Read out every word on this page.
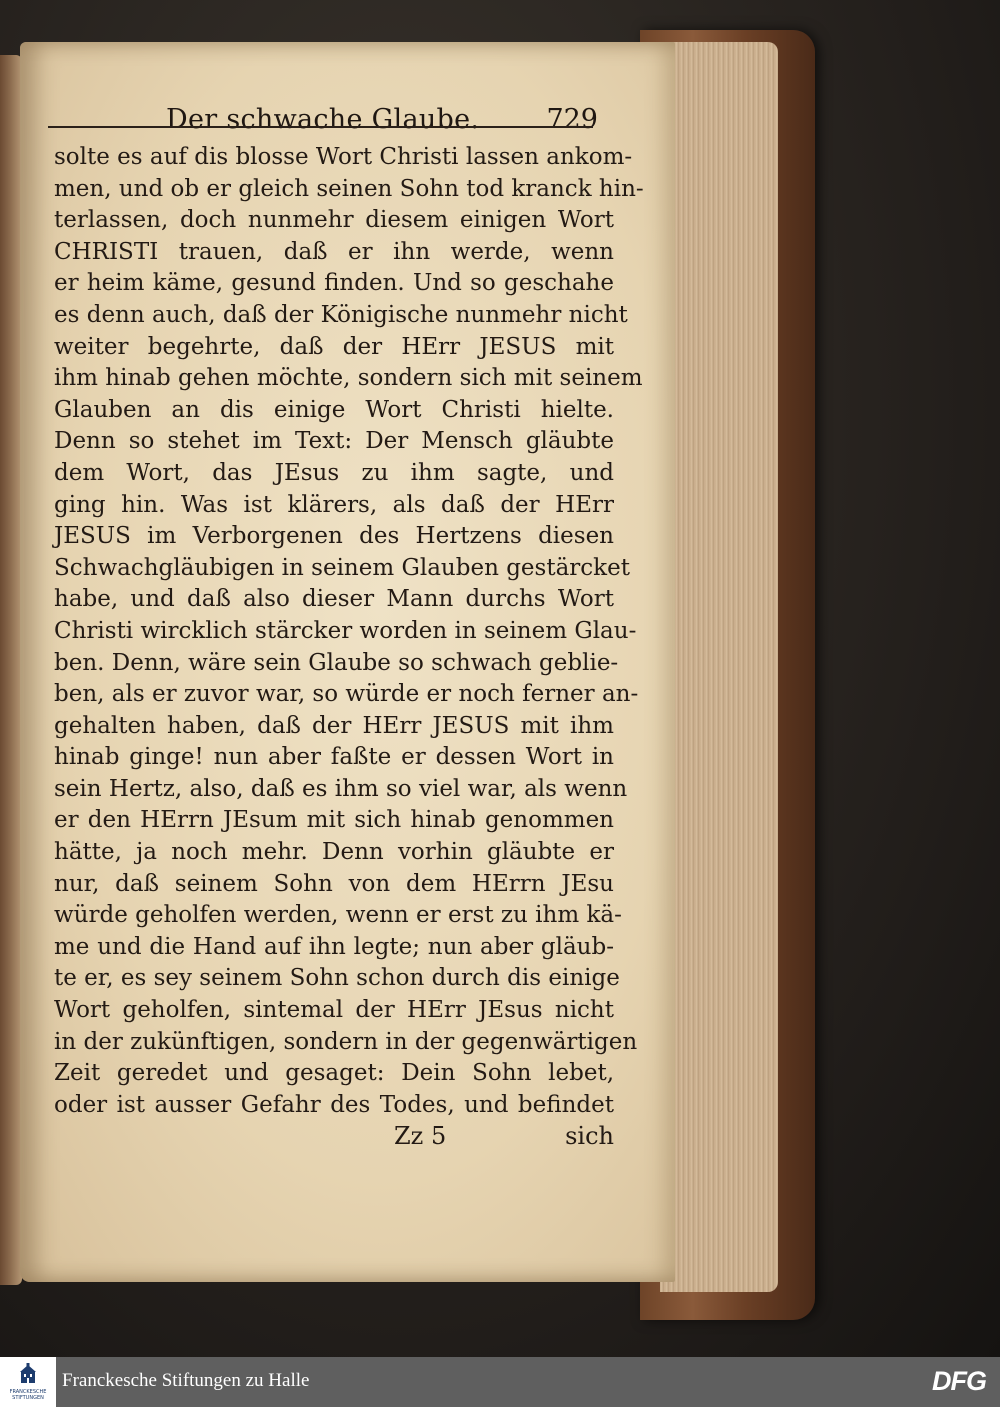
Der schwache Glaube. 729
solte es auf dis blosse Wort Christi lassen ankom-
men, und ob er gleich seinen Sohn tod kranck hin-
terlassen, doch nunmehr diesem einigen Wort
CHRISTI trauen, daß er ihn werde, wenn
er heim käme, gesund finden. Und so geschahe
es denn auch, daß der Königische nunmehr nicht
weiter begehrte, daß der HErr JESUS mit
ihm hinab gehen möchte, sondern sich mit seinem
Glauben an dis einige Wort Christi hielte.
Denn so stehet im Text: Der Mensch gläubte
dem Wort, das JEsus zu ihm sagte, und
ging hin. Was ist klärers, als daß der HErr
JESUS im Verborgenen des Hertzens diesen
Schwachgläubigen in seinem Glauben gestärcket
habe, und daß also dieser Mann durchs Wort
Christi wircklich stärcker worden in seinem Glau-
ben. Denn, wäre sein Glaube so schwach geblie-
ben, als er zuvor war, so würde er noch ferner an-
gehalten haben, daß der HErr JESUS mit ihm
hinab ginge! nun aber faßte er dessen Wort in
sein Hertz, also, daß es ihm so viel war, als wenn
er den HErrn JEsum mit sich hinab genommen
hätte, ja noch mehr. Denn vorhin gläubte er
nur, daß seinem Sohn von dem HErrn JEsu
würde geholfen werden, wenn er erst zu ihm kä-
me und die Hand auf ihn legte; nun aber gläub-
te er, es sey seinem Sohn schon durch dis einige
Wort geholfen, sintemal der HErr JEsus nicht
in der zukünftigen, sondern in der gegenwärtigen
Zeit geredet und gesaget: Dein Sohn lebet,
oder ist ausser Gefahr des Todes, und befindet
Zz 5	sich
FRANCKESCHE STIFTUNGEN
Franckesche Stiftungen zu Halle	DFG
